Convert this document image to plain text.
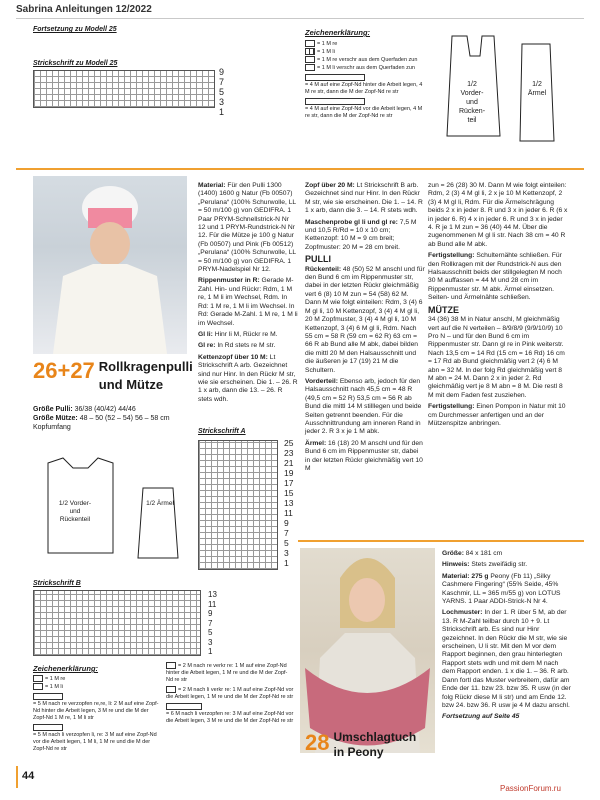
Sabrina Anleitungen 12/2022
Fortsetzung zu Modell 25
Strickschrift zu Modell 25
9
7
5
3
1
Zeichenerklärung:
= 1 M re
= 1 M li
= 1 M re verschr aus dem Querfaden zun
= 1 M li verschr aus dem Querfaden zun

= 4 M auf eine Zopf-Nd hinter die Arbeit legen, 4 M re str, dann die M der Zopf-Nd re str

= 4 M auf eine Zopf-Nd vor die Arbeit legen, 4 M re str, dann die M der Zopf-Nd re str
1/2 Vorder- und Rücken- teil
1/2 Ärmel
26+27 Rollkragenpulli
und Mütze
Größe Pulli: 36/38 (40/42) 44/46
Größe Mütze: 48 – 50 (52 – 54) 56 – 58 cm Kopfumfang
1/2 Vorder- und Rückenteil
1/2 Ärmel
Strickschrift B
13
11
9
7
5
3
1
Strickschrift A
25
23
21
19
17
15
13
11
9
7
5
3
1
Zeichenerklärung:
= 1 M re
= 1 M li

= 5 M nach re verzopfen re,re, li: 2 M auf eine Zopf-Nd hinter die Arbeit legen, 3 M re und die M der Zopf-Nd 1 M re, 1 M li str

= 5 M nach li verzopfen li, re: 3 M auf eine Zopf-Nd vor die Arbeit legen, 1 M li, 1 M re und die M der Zopf-Nd re str
= 2 M nach re verkr re: 1 M auf eine Zopf-Nd hinter die Arbeit legen, 1 M re und die M der Zopf-Nd re str
= 2 M nach li verkr re: 1 M auf eine Zopf-Nd vor die Arbeit legen, 1 M re und die M der Zopf-Nd re str

= 6 M nach li verzopfen re: 3 M auf eine Zopf-Nd vor die Arbeit legen, 3 M re und die M der Zopf-Nd re str

Material: Für den Pulli 1300 (1400) 1600 g Natur (Fb 00507) „Perulana“ (100% Schurwolle, LL = 50 m/100 g) von GEDIFRA. 1 Paar PRYM-Schnellstrick-N Nr 12 und 1 PRYM-Rundstrick-N Nr 12. Für die Mütze je 100 g Natur (Fb 00507) und Pink (Fb 00512) „Perulana“ (100% Schurwolle, LL = 50 m/100 g) von GEDIFRA. 1 PRYM-Nadelspiel Nr 12.

Rippenmuster in R: Gerade M-Zahl. Hin- und Rückr: Rdm, 1 M re, 1 M li im Wechsel, Rdm. In Rd: 1 M re, 1 M li im Wechsel. In Rd: Gerade M-Zahl. 1 M re, 1 M li im Wechsel.

Gl li: Hinr li M, Rückr re M.

Gl re: In Rd stets re M str.

Kettenzopf über 10 M: Lt Strickschrift A arb. Gezeichnet sind nur Hinr. In den Rückr M str, wie sie erscheinen. Die 1. – 26. R 1 x arb, dann die 13. – 26. R stets wdh.

Zopf über 20 M: Lt Strickschrift B arb. Gezeichnet sind nur Hinr. In den Rückr M str, wie sie erscheinen. Die 1. – 14. R 1 x arb, dann die 3. – 14. R stets wdh.

Maschenprobe gl li und gl re: 7,5 M und 10,5 R/Rd = 10 x 10 cm; Kettenzopf: 10 M = 9 cm breit; Zopfmuster: 20 M = 28 cm breit.

PULLI

Rückenteil: 48 (50) 52 M anschl und für den Bund 6 cm im Rippenmuster str, dabei in der letzten Rückr gleichmäßig vert 6 (8) 10 M zun = 54 (58) 62 M. Dann M wie folgt einteilen: Rdm, 3 (4) 6 M gl li, 10 M Kettenzopf, 3 (4) 4 M gl li, 20 M Zopfmuster, 3 (4) 4 M gl li, 10 M Kettenzopf, 3 (4) 6 M gl li, Rdm. Nach 55 cm = 58 R (59 cm = 62 R) 63 cm = 66 R ab Bund alle M abk, dabei bilden die mittl 20 M den Halsausschnitt und die äußeren je 17 (19) 21 M die Schultern.

Vorderteil: Ebenso arb, jedoch für den Halsausschnitt nach 45,5 cm = 48 R (49,5 cm = 52 R) 53,5 cm = 56 R ab Bund die mittl 14 M stilllegen und beide Seiten getrennt beenden. Für die Ausschnittrundung am inneren Rand in jeder 2. R 3 x je 1 M abk.

Ärmel: 16 (18) 20 M anschl und für den Bund 6 cm im Rippenmuster str, dabei in der letzten Rückr gleichmäßig vert 10 M

zun = 26 (28) 30 M. Dann M wie folgt einteilen: Rdm, 2 (3) 4 M gl li, 2 x je 10 M Kettenzopf, 2 (3) 4 M gl li, Rdm. Für die Ärmelschrägung beids 2 x in jeder 8. R und 3 x in jeder 6. R (6 x in jeder 6. R) 4 x in jeder 6. R und 3 x in jeder 4. R je 1 M zun = 36 (40) 44 M. Über die zugenommenen M gl li str. Nach 38 cm = 40 R ab Bund alle M abk.

Fertigstellung: Schulternähte schließen. Für den Rollkragen mit der Rundstrick-N aus den Halsausschnitt beids der stillgelegten M noch 30 M auffassen = 44 M und 28 cm im Rippenmuster str. M abk. Ärmel einsetzen. Seiten- und Ärmelnähte schließen.

MÜTZE

34 (36) 38 M in Natur anschl, M gleichmäßig vert auf die N verteilen – 8/9/8/9 (9/9/10/9) 10 Pro N – und für den Bund 6 cm im Rippenmuster str. Dann gl re in Pink weiterstr. Nach 13,5 cm = 14 Rd (15 cm = 16 Rd) 16 cm = 17 Rd ab Bund gleichmäßig vert 2 (4) 6 M abn = 32 M. In der folg Rd gleichmäßig vert 8 M abn = 24 M. Dann 2 x in jeder 2. Rd gleichmäßig vert je 8 M abn = 8 M. Die restl 8 M mit dem Faden fest zusziehen.

Fertigstellung: Einen Pompon in Natur mit 10 cm Durchmesser anfertigen und an der Mützenspitze anbringen.

28 Umschlagtuch
in Peony

Größe: 84 x 181 cm

Hinweis: Stets zweifädig str.

Material: 275 g Peony (Fb 11) „Silky Cashmere Fingering“ (55% Seide, 45% Kaschmir, LL = 365 m/55 g) von LOTUS YARNS. 1 Paar ADDI-Strick-N Nr 4.

Lochmuster: In der 1. R über 5 M, ab der 13. R M-Zahl teilbar durch 10 + 9. Lt Strickschrift arb. Es sind nur Hinr gezeichnet. In den Rückr die M str, wie sie erscheinen, U li str. Mit den M vor dem Rapport beginnen, den grau hinterlegten Rapport stets wdh und mit dem M nach dem Rapport enden. 1 x die 1. – 36. R arb. Dann fortl das Muster verbreitem, dafür am Ende der 11. bzw 23. bzw 35. R usw (in der folg Rückr diese M li str) und am Ende 12. bzw 24. bzw 36. R usw je 4 M dazu anschl.

Fortsetzung auf Seite 45

44
PassionForum.ru
